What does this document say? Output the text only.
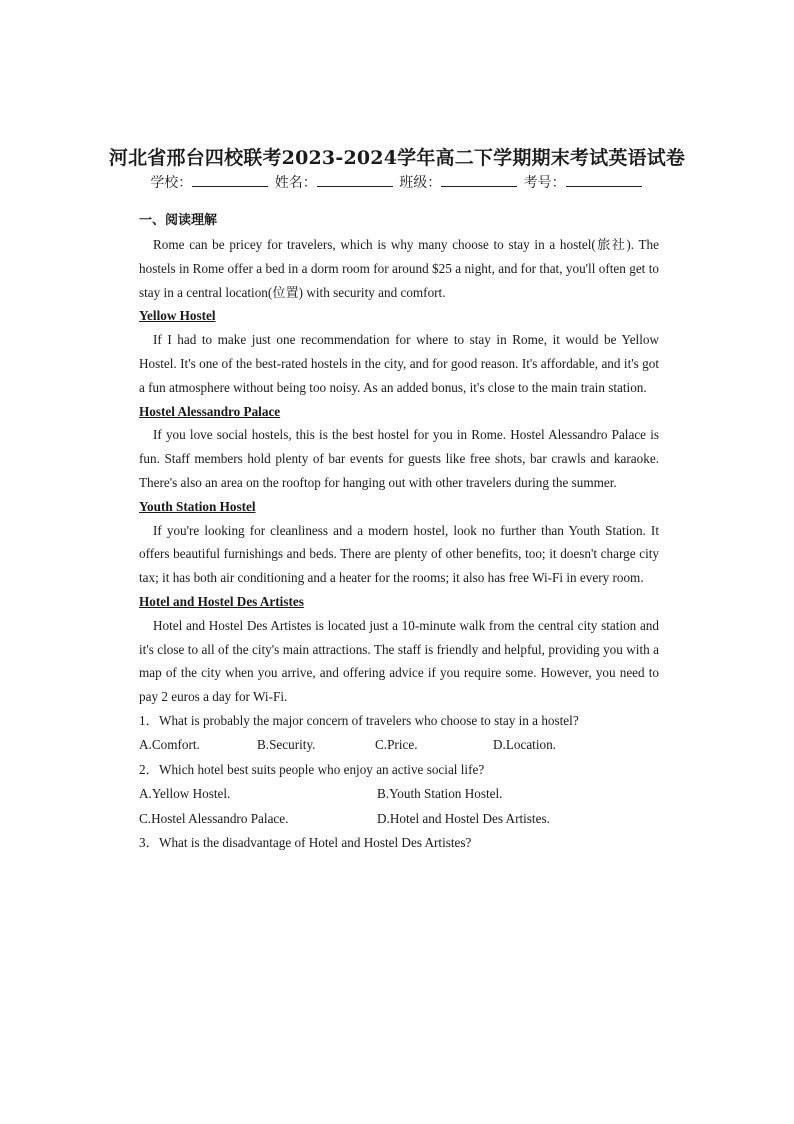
河北省邢台四校联考2023-2024学年高二下学期期末考试英语试卷
学校：	姓名：	班级：	考号：
一、阅读理解

Rome can be pricey for travelers, which is why many choose to stay in a hostel(旅社). The hostels in Rome offer a bed in a dorm room for around $25 a night, and for that, you'll often get to stay in a central location(位置) with security and comfort.

Yellow Hostel

If I had to make just one recommendation for where to stay in Rome, it would be Yellow Hostel. It's one of the best-rated hostels in the city, and for good reason. It's affordable, and it's got a fun atmosphere without being too noisy. As an added bonus, it's close to the main train station.

Hostel Alessandro Palace

If you love social hostels, this is the best hostel for you in Rome. Hostel Alessandro Palace is fun. Staff members hold plenty of bar events for guests like free shots, bar crawls and karaoke. There's also an area on the rooftop for hanging out with other travelers during the summer.

Youth Station Hostel

If you're looking for cleanliness and a modern hostel, look no further than Youth Station. It offers beautiful furnishings and beds. There are plenty of other benefits, too; it doesn't charge city tax; it has both air conditioning and a heater for the rooms; it also has free Wi-Fi in every room.

Hotel and Hostel Des Artistes

Hotel and Hostel Des Artistes is located just a 10-minute walk from the central city station and it's close to all of the city's main attractions. The staff is friendly and helpful, providing you with a map of the city when you arrive, and offering advice if you require some. However, you need to pay 2 euros a day for Wi-Fi.

1．What is probably the major concern of travelers who choose to stay in a hostel?
A.Comfort.	B.Security.	C.Price.	D.Location.
2．Which hotel best suits people who enjoy an active social life?
A.Yellow Hostel.	B.Youth Station Hostel.
C.Hostel Alessandro Palace.	D.Hotel and Hostel Des Artistes.
3．What is the disadvantage of Hotel and Hostel Des Artistes?
